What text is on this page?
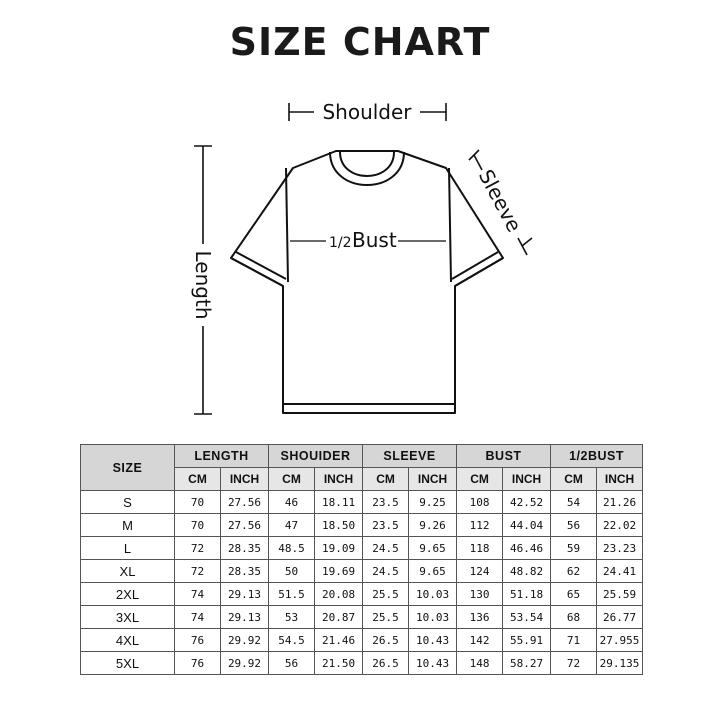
SIZE CHART
Shoulder
Length
Sleeve
1/2 Bust
SIZE	LENGTH		SHOUIDER		SLEEVE		BUST		1/2BUST	
	CM	INCH	CM	INCH	CM	INCH	CM	INCH	CM	INCH
S	70	27.56	46	18.11	23.5	9.25	108	42.52	54	21.26
M	70	27.56	47	18.50	23.5	9.26	112	44.04	56	22.02
L	72	28.35	48.5	19.09	24.5	9.65	118	46.46	59	23.23
XL	72	28.35	50	19.69	24.5	9.65	124	48.82	62	24.41
2XL	74	29.13	51.5	20.08	25.5	10.03	130	51.18	65	25.59
3XL	74	29.13	53	20.87	25.5	10.03	136	53.54	68	26.77
4XL	76	29.92	54.5	21.46	26.5	10.43	142	55.91	71	27.955
5XL	76	29.92	56	21.50	26.5	10.43	148	58.27	72	29.135
